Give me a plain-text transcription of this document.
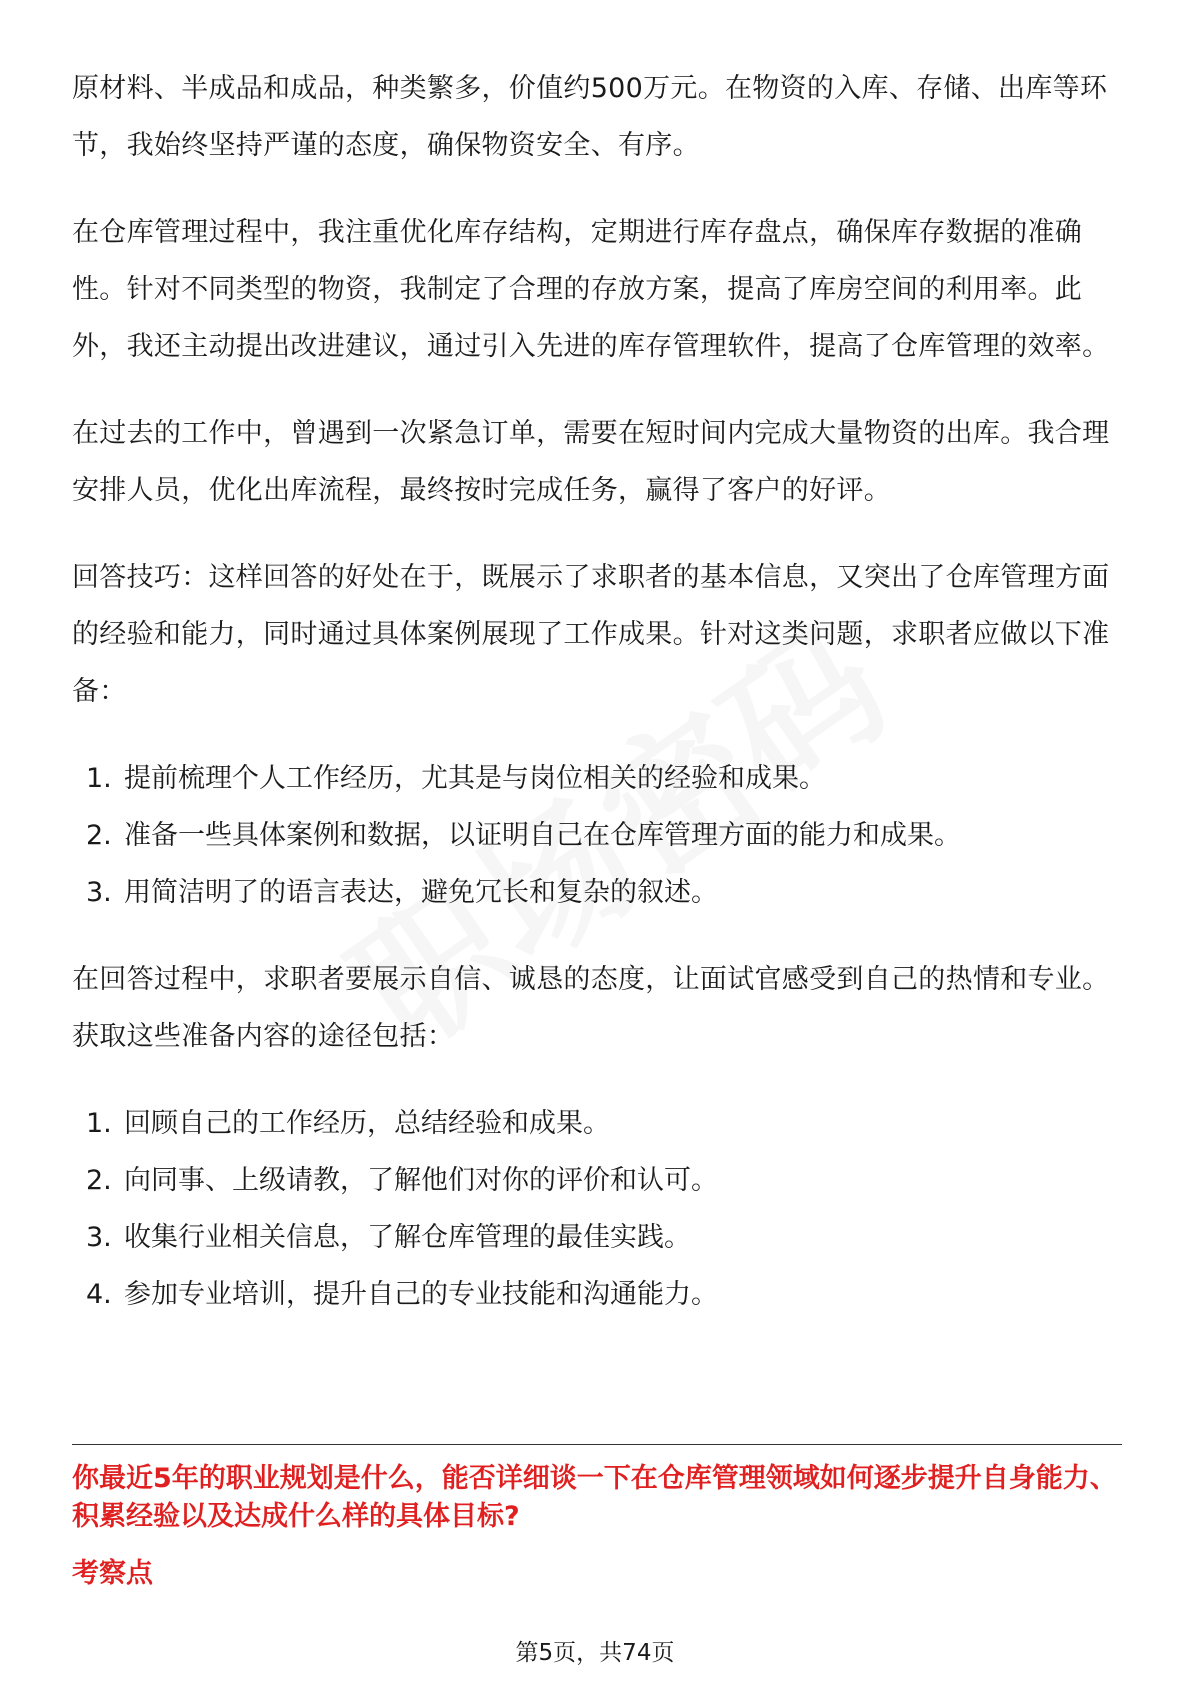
原材料、半成品和成品，种类繁多，价值约500万元。在物资的入库、存储、出库等环节，我始终坚持严谨的态度，确保物资安全、有序。

在仓库管理过程中，我注重优化库存结构，定期进行库存盘点，确保库存数据的准确性。针对不同类型的物资，我制定了合理的存放方案，提高了库房空间的利用率。此外，我还主动提出改进建议，通过引入先进的库存管理软件，提高了仓库管理的效率。

在过去的工作中，曾遇到一次紧急订单，需要在短时间内完成大量物资的出库。我合理安排人员，优化出库流程，最终按时完成任务，赢得了客户的好评。

回答技巧：这样回答的好处在于，既展示了求职者的基本信息，又突出了仓库管理方面的经验和能力，同时通过具体案例展现了工作成果。针对这类问题，求职者应做以下准备：

1. 提前梳理个人工作经历，尤其是与岗位相关的经验和成果。
2. 准备一些具体案例和数据，以证明自己在仓库管理方面的能力和成果。
3. 用简洁明了的语言表达，避免冗长和复杂的叙述。

在回答过程中，求职者要展示自信、诚恳的态度，让面试官感受到自己的热情和专业。获取这些准备内容的途径包括：

1. 回顾自己的工作经历，总结经验和成果。
2. 向同事、上级请教，了解他们对你的评价和认可。
3. 收集行业相关信息，了解仓库管理的最佳实践。
4. 参加专业培训，提升自己的专业技能和沟通能力。
你最近5年的职业规划是什么，能否详细谈一下在仓库管理领域如何逐步提升自身能力、积累经验以及达成什么样的具体目标?
考察点
第5页，共74页
